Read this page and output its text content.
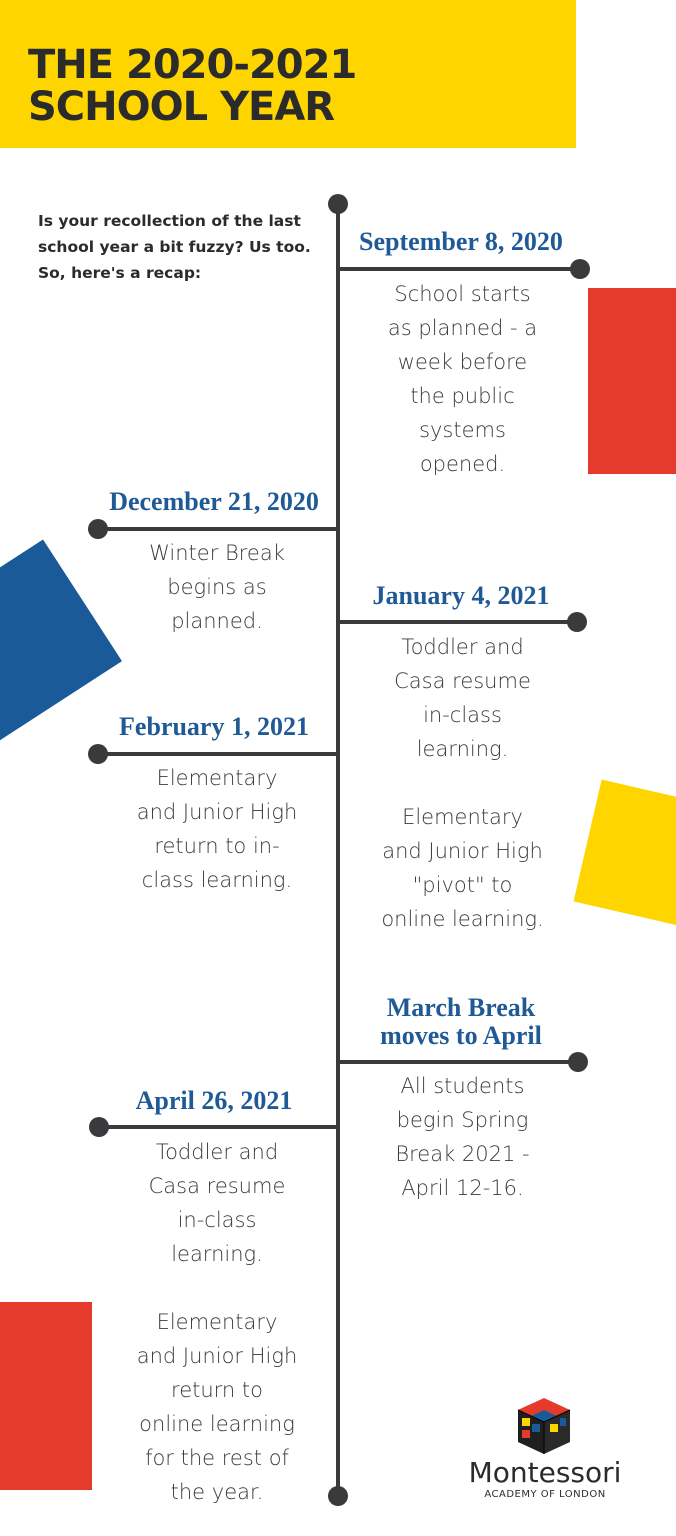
THE 2020-2021
SCHOOL YEAR
Is your recollection of the last
school year a bit fuzzy? Us too.
So, here's a recap:
September 8, 2020
School starts
as planned - a
week before
the public
systems
opened.
December 21, 2020
Winter Break
begins as
planned.
January 4, 2021
Toddler and
Casa resume
in-class
learning.
Elementary
and Junior High
"pivot" to
online learning.
February 1, 2021
Elementary
and Junior High
return to in-
class learning.
March Break
moves to April
All students
begin Spring
Break 2021 -
April 12-16.
April 26, 2021
Toddler and
Casa resume
in-class
learning.
Elementary
and Junior High
return to
online learning
for the rest of
the year.
Montessori
ACADEMY OF LONDON
